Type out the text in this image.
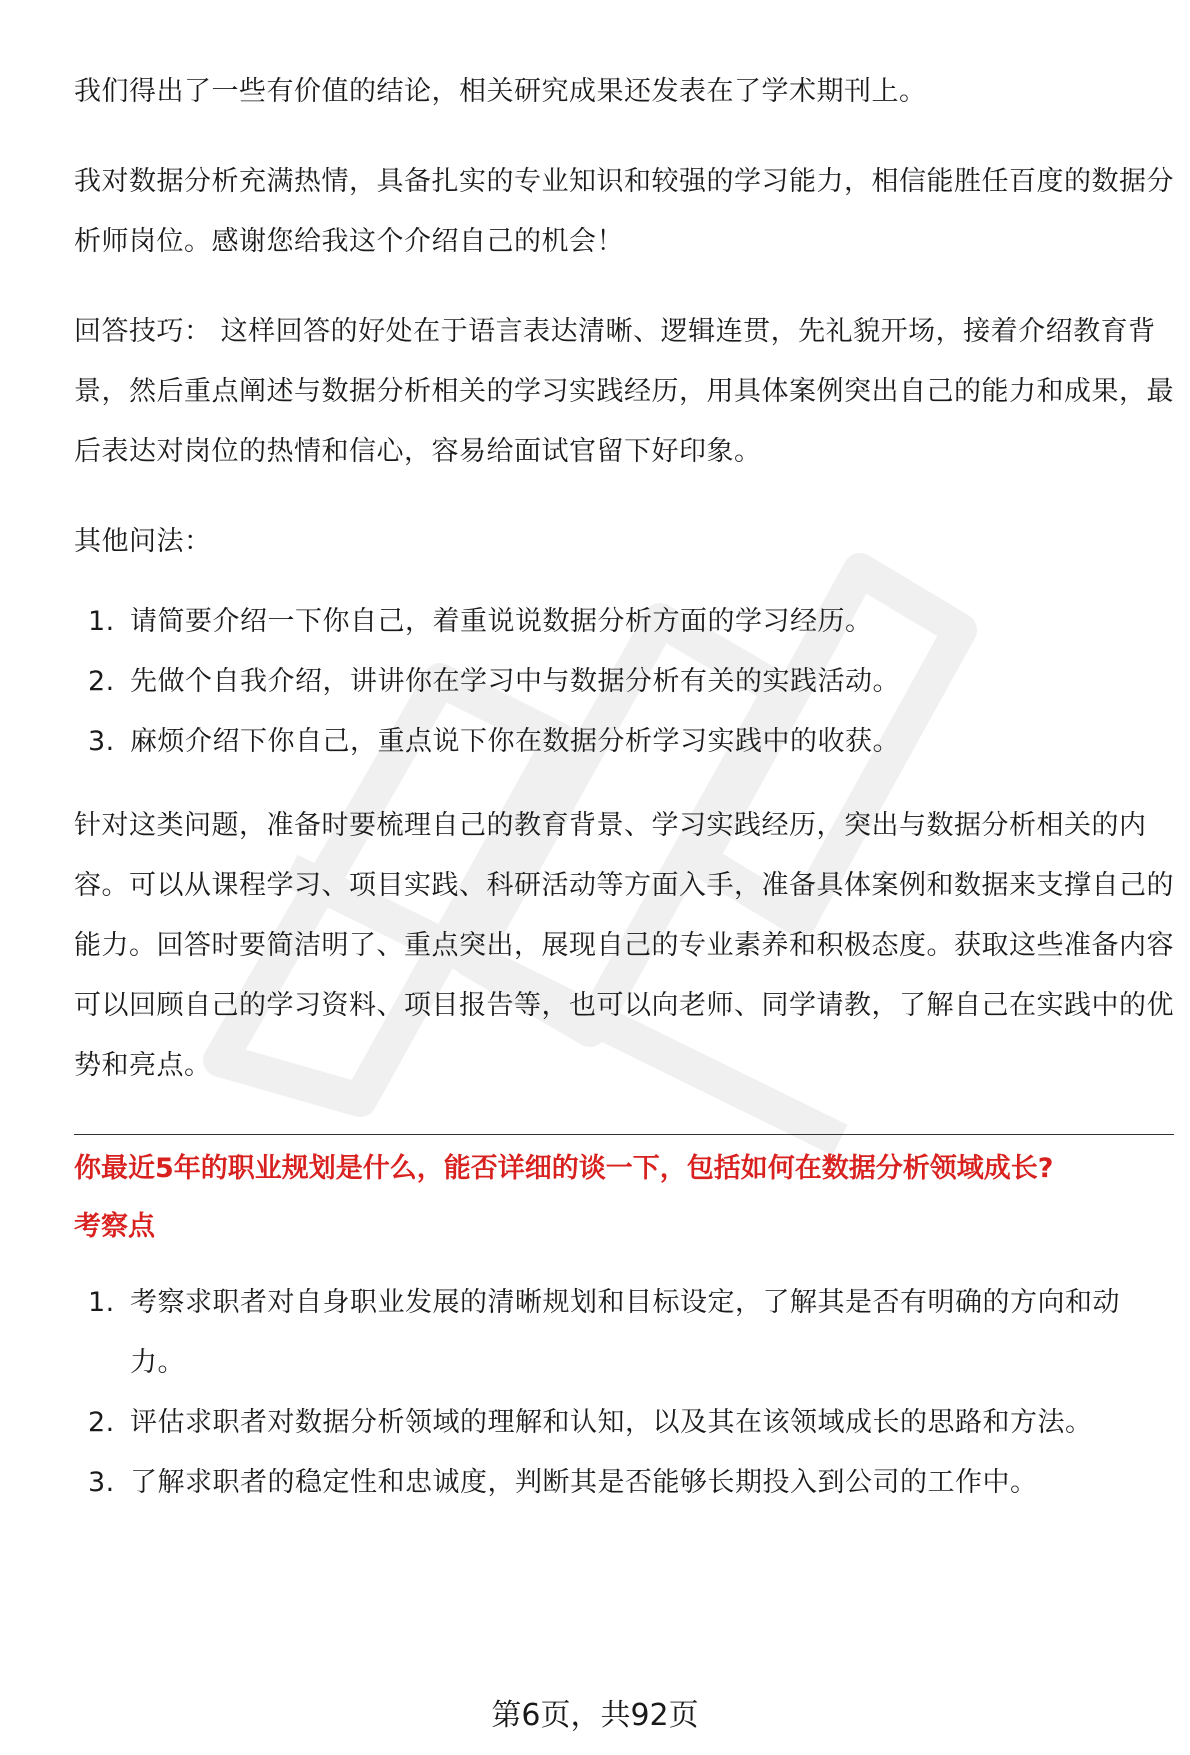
我们得出了一些有价值的结论，相关研究成果还发表在了学术期刊上。

我对数据分析充满热情，具备扎实的专业知识和较强的学习能力，相信能胜任百度的数据分析师岗位。感谢您给我这个介绍自己的机会！

回答技巧： 这样回答的好处在于语言表达清晰、逻辑连贯，先礼貌开场，接着介绍教育背景，然后重点阐述与数据分析相关的学习实践经历，用具体案例突出自己的能力和成果，最后表达对岗位的热情和信心，容易给面试官留下好印象。

其他问法：

1. 请简要介绍一下你自己，着重说说数据分析方面的学习经历。
2. 先做个自我介绍，讲讲你在学习中与数据分析有关的实践活动。
3. 麻烦介绍下你自己，重点说下你在数据分析学习实践中的收获。

针对这类问题，准备时要梳理自己的教育背景、学习实践经历，突出与数据分析相关的内容。可以从课程学习、项目实践、科研活动等方面入手，准备具体案例和数据来支撑自己的能力。回答时要简洁明了、重点突出，展现自己的专业素养和积极态度。获取这些准备内容可以回顾自己的学习资料、项目报告等，也可以向老师、同学请教，了解自己在实践中的优势和亮点。

你最近5年的职业规划是什么，能否详细的谈一下，包括如何在数据分析领域成长?
考察点
1. 考察求职者对自身职业发展的清晰规划和目标设定，了解其是否有明确的方向和动力。
2. 评估求职者对数据分析领域的理解和认知，以及其在该领域成长的思路和方法。
3. 了解求职者的稳定性和忠诚度，判断其是否能够长期投入到公司的工作中。
第6页，共92页
